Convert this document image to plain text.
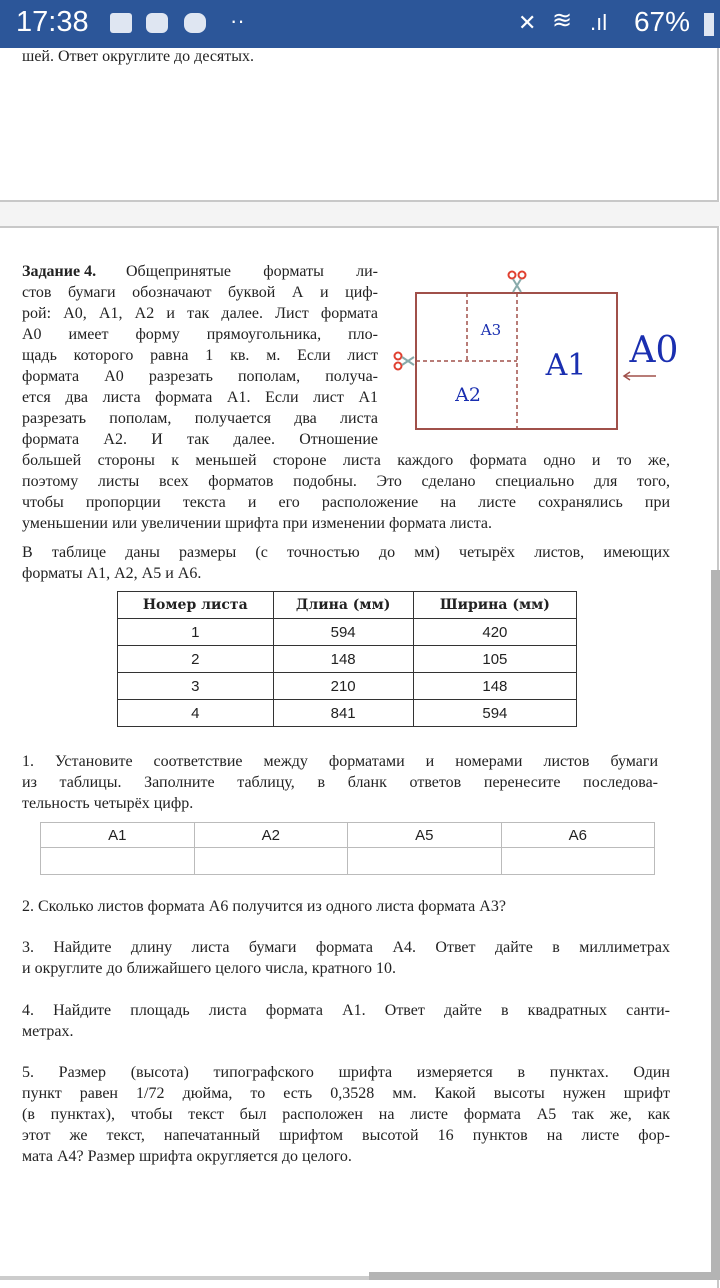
17:38	··	✕ ≋ .ıl 67%
шей. Ответ округлите до десятых.
Задание 4. Общепринятые форматы ли-
стов бумаги обозначают буквой А и циф-
рой: А0, А1, А2 и так далее. Лист формата
А0 имеет форму прямоугольника, пло-
щадь которого равна 1 кв. м. Если лист
формата А0 разрезать пополам, получа-
ется два листа формата А1. Если лист А1
разрезать пополам, получается два листа
формата А2. И так далее. Отношение
большей стороны к меньшей стороне листа каждого формата одно и то же,
поэтому листы всех форматов подобны. Это сделано специально для того,
чтобы пропорции текста и его расположение на листе сохранялись при
уменьшении или увеличении шрифта при изменении формата листа.
В таблице даны размеры (с точностью до мм) четырёх листов, имеющих
форматы А1, А2, А5 и А6.
1. Установите соответствие между форматами и номерами листов бумаги
из таблицы. Заполните таблицу, в бланк ответов перенесите последова-
тельность четырёх цифр.
2. Сколько листов формата А6 получится из одного листа формата А3?
3. Найдите длину листа бумаги формата А4. Ответ дайте в миллиметрах
и округлите до ближайшего целого числа, кратного 10.
4. Найдите площадь листа формата А1. Ответ дайте в квадратных санти-
метрах.
5. Размер (высота) типографского шрифта измеряется в пунктах. Один
пункт равен 1/72 дюйма, то есть 0,3528 мм. Какой высоты нужен шрифт
(в пунктах), чтобы текст был расположен на листе формата А5 так же, как
этот же текст, напечатанный шрифтом высотой 16 пунктов на листе фор-
мата А4? Размер шрифта округляется до целого.
A3
A2
A1 A0
Номер листа	Длина (мм)	Ширина (мм)
1	594	420
2	148	105
3	210	148
4	841	594
А1	А2	А5	А6
